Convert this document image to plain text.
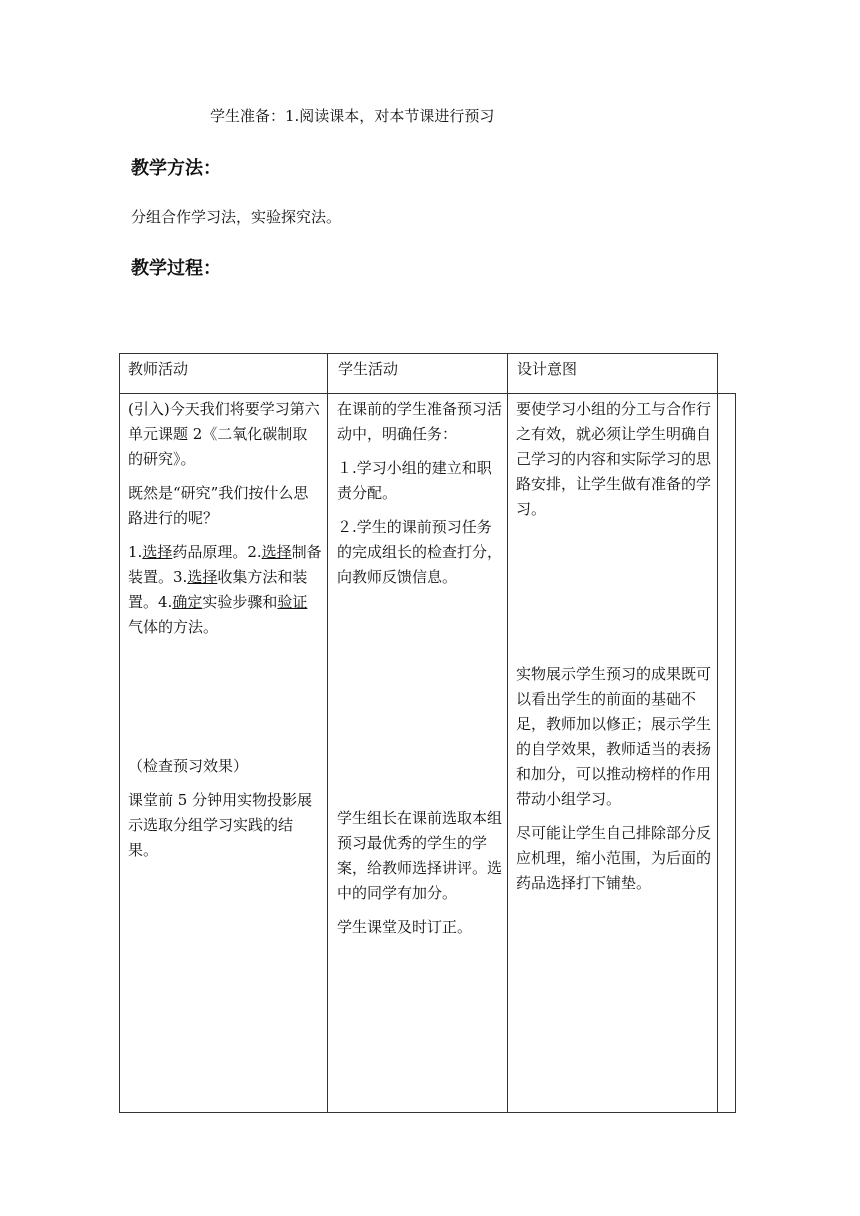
学生准备：1.阅读课本，对本节课进行预习
教学方法：
分组合作学习法，实验探究法。
教学过程：
教师活动	学生活动	设计意图

(引入)今天我们将要学习第六单元课题 2《二氧化碳制取的研究》。

既然是“研究”我们按什么思路进行的呢？

1.选择药品原理。2.选择制备装置。3.选择收集方法和装置。4.确定实验步骤和验证气体的方法。

（检查预习效果）

课堂前 5 分钟用实物投影展示选取分组学习实践的结果。

在课前的学生准备预习活动中，明确任务：

１.学习小组的建立和职责分配。

２.学生的课前预习任务的完成组长的检查打分，向教师反馈信息。

学生组长在课前选取本组预习最优秀的学生的学案，给教师选择讲评。选中的同学有加分。

学生课堂及时订正。

要使学习小组的分工与合作行之有效，就必须让学生明确自己学习的内容和实际学习的思路安排，让学生做有准备的学习。

实物展示学生预习的成果既可以看出学生的前面的基础不足，教师加以修正；展示学生的自学效果，教师适当的表扬和加分，可以推动榜样的作用带动小组学习。

尽可能让学生自己排除部分反应机理，缩小范围，为后面的药品选择打下铺垫。
